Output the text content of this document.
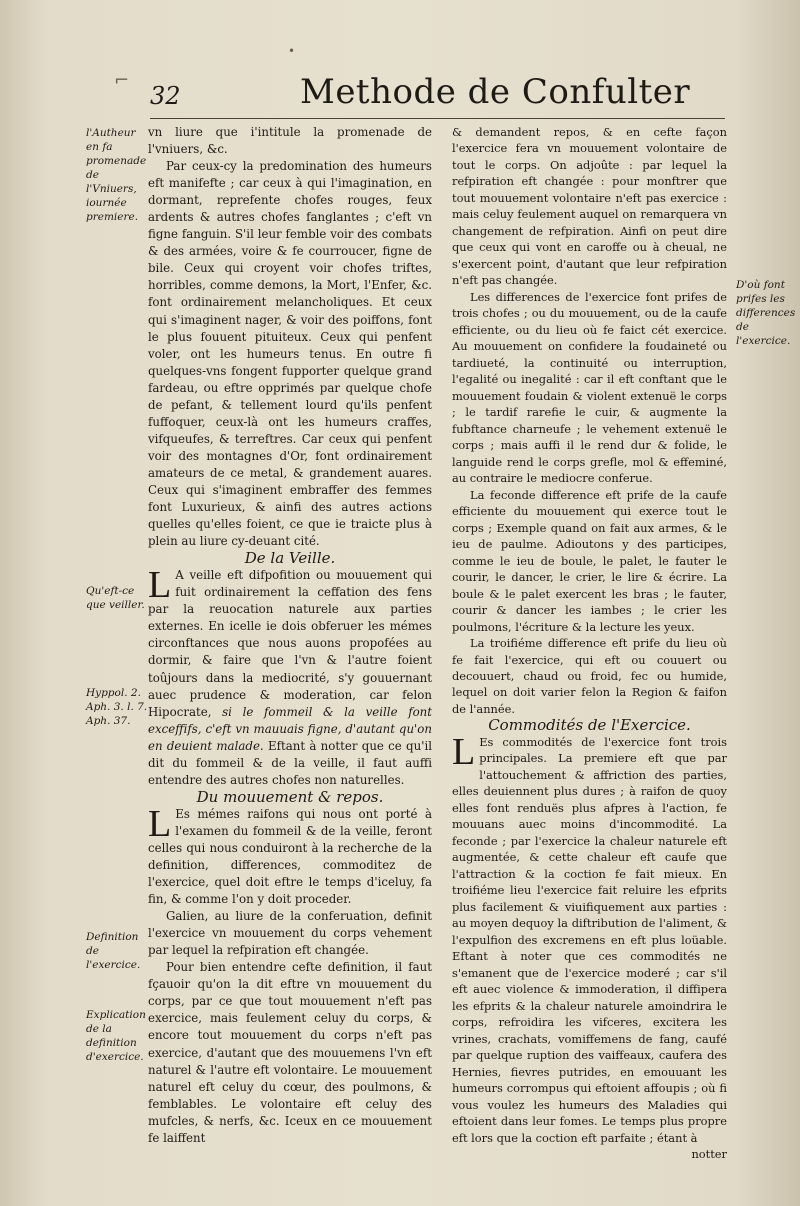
32	Methode de Confulter
l'Autheur en fa promenade de l'Vniuers, iournée premiere.
Qu'eft-ce que veiller.
Hyppol. 2. Aph. 3. l. 7. Aph. 37.
Definition de l'exercice.
Explication de la definition d'exercice.
D'où font prifes les differences de l'exercice.
•
⌐

vn liure que i'intitule la promenade de l'vniuers, &c.

Par ceux-cy la predomination des humeurs eft manifefte ; car ceux à qui l'imagination, en dormant, reprefente chofes rouges, feux ardents & autres chofes fanglantes ; c'eft vn figne fanguin. S'il leur femble voir des combats & des armées, voire & fe courroucer, figne de bile. Ceux qui croyent voir chofes triftes, horribles, comme demons, la Mort, l'Enfer, &c. font ordinairement melancholiques. Et ceux qui s'imaginent nager, & voir des poiffons, font le plus fouuent pituiteux. Ceux qui penfent voler, ont les humeurs tenus. En outre fi quelques-vns fongent fupporter quelque grand fardeau, ou eftre opprimés par quelque chofe de pefant, & tellement lourd qu'ils penfent fuffoquer, ceux-là ont les humeurs craffes, vifqueufes, & terreftres. Car ceux qui penfent voir des montagnes d'Or, font ordinairement amateurs de ce metal, & grandement auares. Ceux qui s'imaginent embraffer des femmes font Luxurieux, & ainfi des autres actions quelles qu'elles foient, ce que ie traicte plus à plein au liure cy-deuant cité.

De la Veille.

LA veille eft difpofition ou mouuement qui fuit ordinairement la ceffation des fens par la reuocation naturele aux parties externes. En icelle ie dois obferuer les mémes circonftances que nous auons propofées au dormir, & faire que l'vn & l'autre foient toûjours dans la mediocrité, s'y gouuernant auec prudence & moderation, car felon Hipocrate, si le fommeil & la veille font exceffifs, c'eft vn mauuais figne, d'autant qu'on en deuient malade. Eftant à notter que ce qu'il dit du fommeil & de la veille, il faut auffi entendre des autres chofes non naturelles.

Du mouuement & repos.

LEs mémes raifons qui nous ont porté à l'examen du fommeil & de la veille, feront celles qui nous conduiront à la recherche de la definition, differences, commoditez de l'exercice, quel doit eftre le temps d'iceluy, fa fin, & comme l'on y doit proceder.

Galien, au liure de la conferuation, definit l'exercice vn mouuement du corps vehement par lequel la refpiration eft changée.

Pour bien entendre cefte definition, il faut fçauoir qu'on la dit eftre vn mouuement du corps, par ce que tout mouuement n'eft pas exercice, mais feulement celuy du corps, & encore tout mouuement du corps n'eft pas exercice, d'autant que des mouuemens l'vn eft naturel & l'autre eft volontaire. Le mouuement naturel eft celuy du cœur, des poulmons, & femblables. Le volontaire eft celuy des mufcles, & nerfs, &c. Iceux en ce mouuement fe laiffent

& demandent repos, & en cefte façon l'exercice fera vn mouuement volontaire de tout le corps. On adjoûte : par lequel la refpiration eft changée : pour monftrer que tout mouuement volontaire n'eft pas exercice : mais celuy feulement auquel on remarquera vn changement de refpiration. Ainfi on peut dire que ceux qui vont en caroffe ou à cheual, ne s'exercent point, d'autant que leur refpiration n'eft pas changée.

Les differences de l'exercice font prifes de trois chofes ; ou du mouuement, ou de la caufe efficiente, ou du lieu où fe faict cét exercice. Au mouuement on confidere la foudaineté ou tardiueté, la continuité ou interruption, l'egalité ou inegalité : car il eft conftant que le mouuement foudain & violent extenuë le corps ; le tardif rarefie le cuir, & augmente la fubftance charneufe ; le vehement extenuë le corps ; mais auffi il le rend dur & folide, le languide rend le corps grefle, mol & effeminé, au contraire le mediocre conferue.

La feconde difference eft prife de la caufe efficiente du mouuement qui exerce tout le corps ; Exemple quand on fait aux armes, & le ieu de paulme. Adioutons y des participes, comme le ieu de boule, le palet, le fauter le courir, le dancer, le crier, le lire & écrire. La boule & le palet exercent les bras ; le fauter, courir & dancer les iambes ; le crier les poulmons, l'écriture & la lecture les yeux.

La troifiéme difference eft prife du lieu où fe fait l'exercice, qui eft ou couuert ou decouuert, chaud ou froid, fec ou humide, lequel on doit varier felon la Region & faifon de l'année.

Commodités de l'Exercice.

LEs commodités de l'exercice font trois principales. La premiere eft que par l'attouchement & affriction des parties, elles deuiennent plus dures ; à raifon de quoy elles font renduës plus afpres à l'action, fe mouuans auec moins d'incommodité. La feconde ; par l'exercice la chaleur naturele eft augmentée, & cette chaleur eft caufe que l'attraction & la coction fe fait mieux. En troifiéme lieu l'exercice fait reluire les efprits plus facilement & viuifiquement aux parties : au moyen dequoy la diftribution de l'aliment, & l'expulfion des excremens en eft plus loüable. Eftant à noter que ces commodités ne s'emanent que de l'exercice moderé ; car s'il eft auec violence & immoderation, il diffipera les efprits & la chaleur naturele amoindrira le corps, refroidira les vifceres, excitera les vrines, crachats, vomiffemens de fang, caufé par quelque ruption des vaiffeaux, caufera des Hernies, fievres putrides, en emouuant les humeurs corrompus qui eftoient affoupis ; où fi vous voulez les humeurs des Maladies qui eftoient dans leur fomes. Le temps plus propre eft lors que la coction eft parfaite ; étant à

notter
